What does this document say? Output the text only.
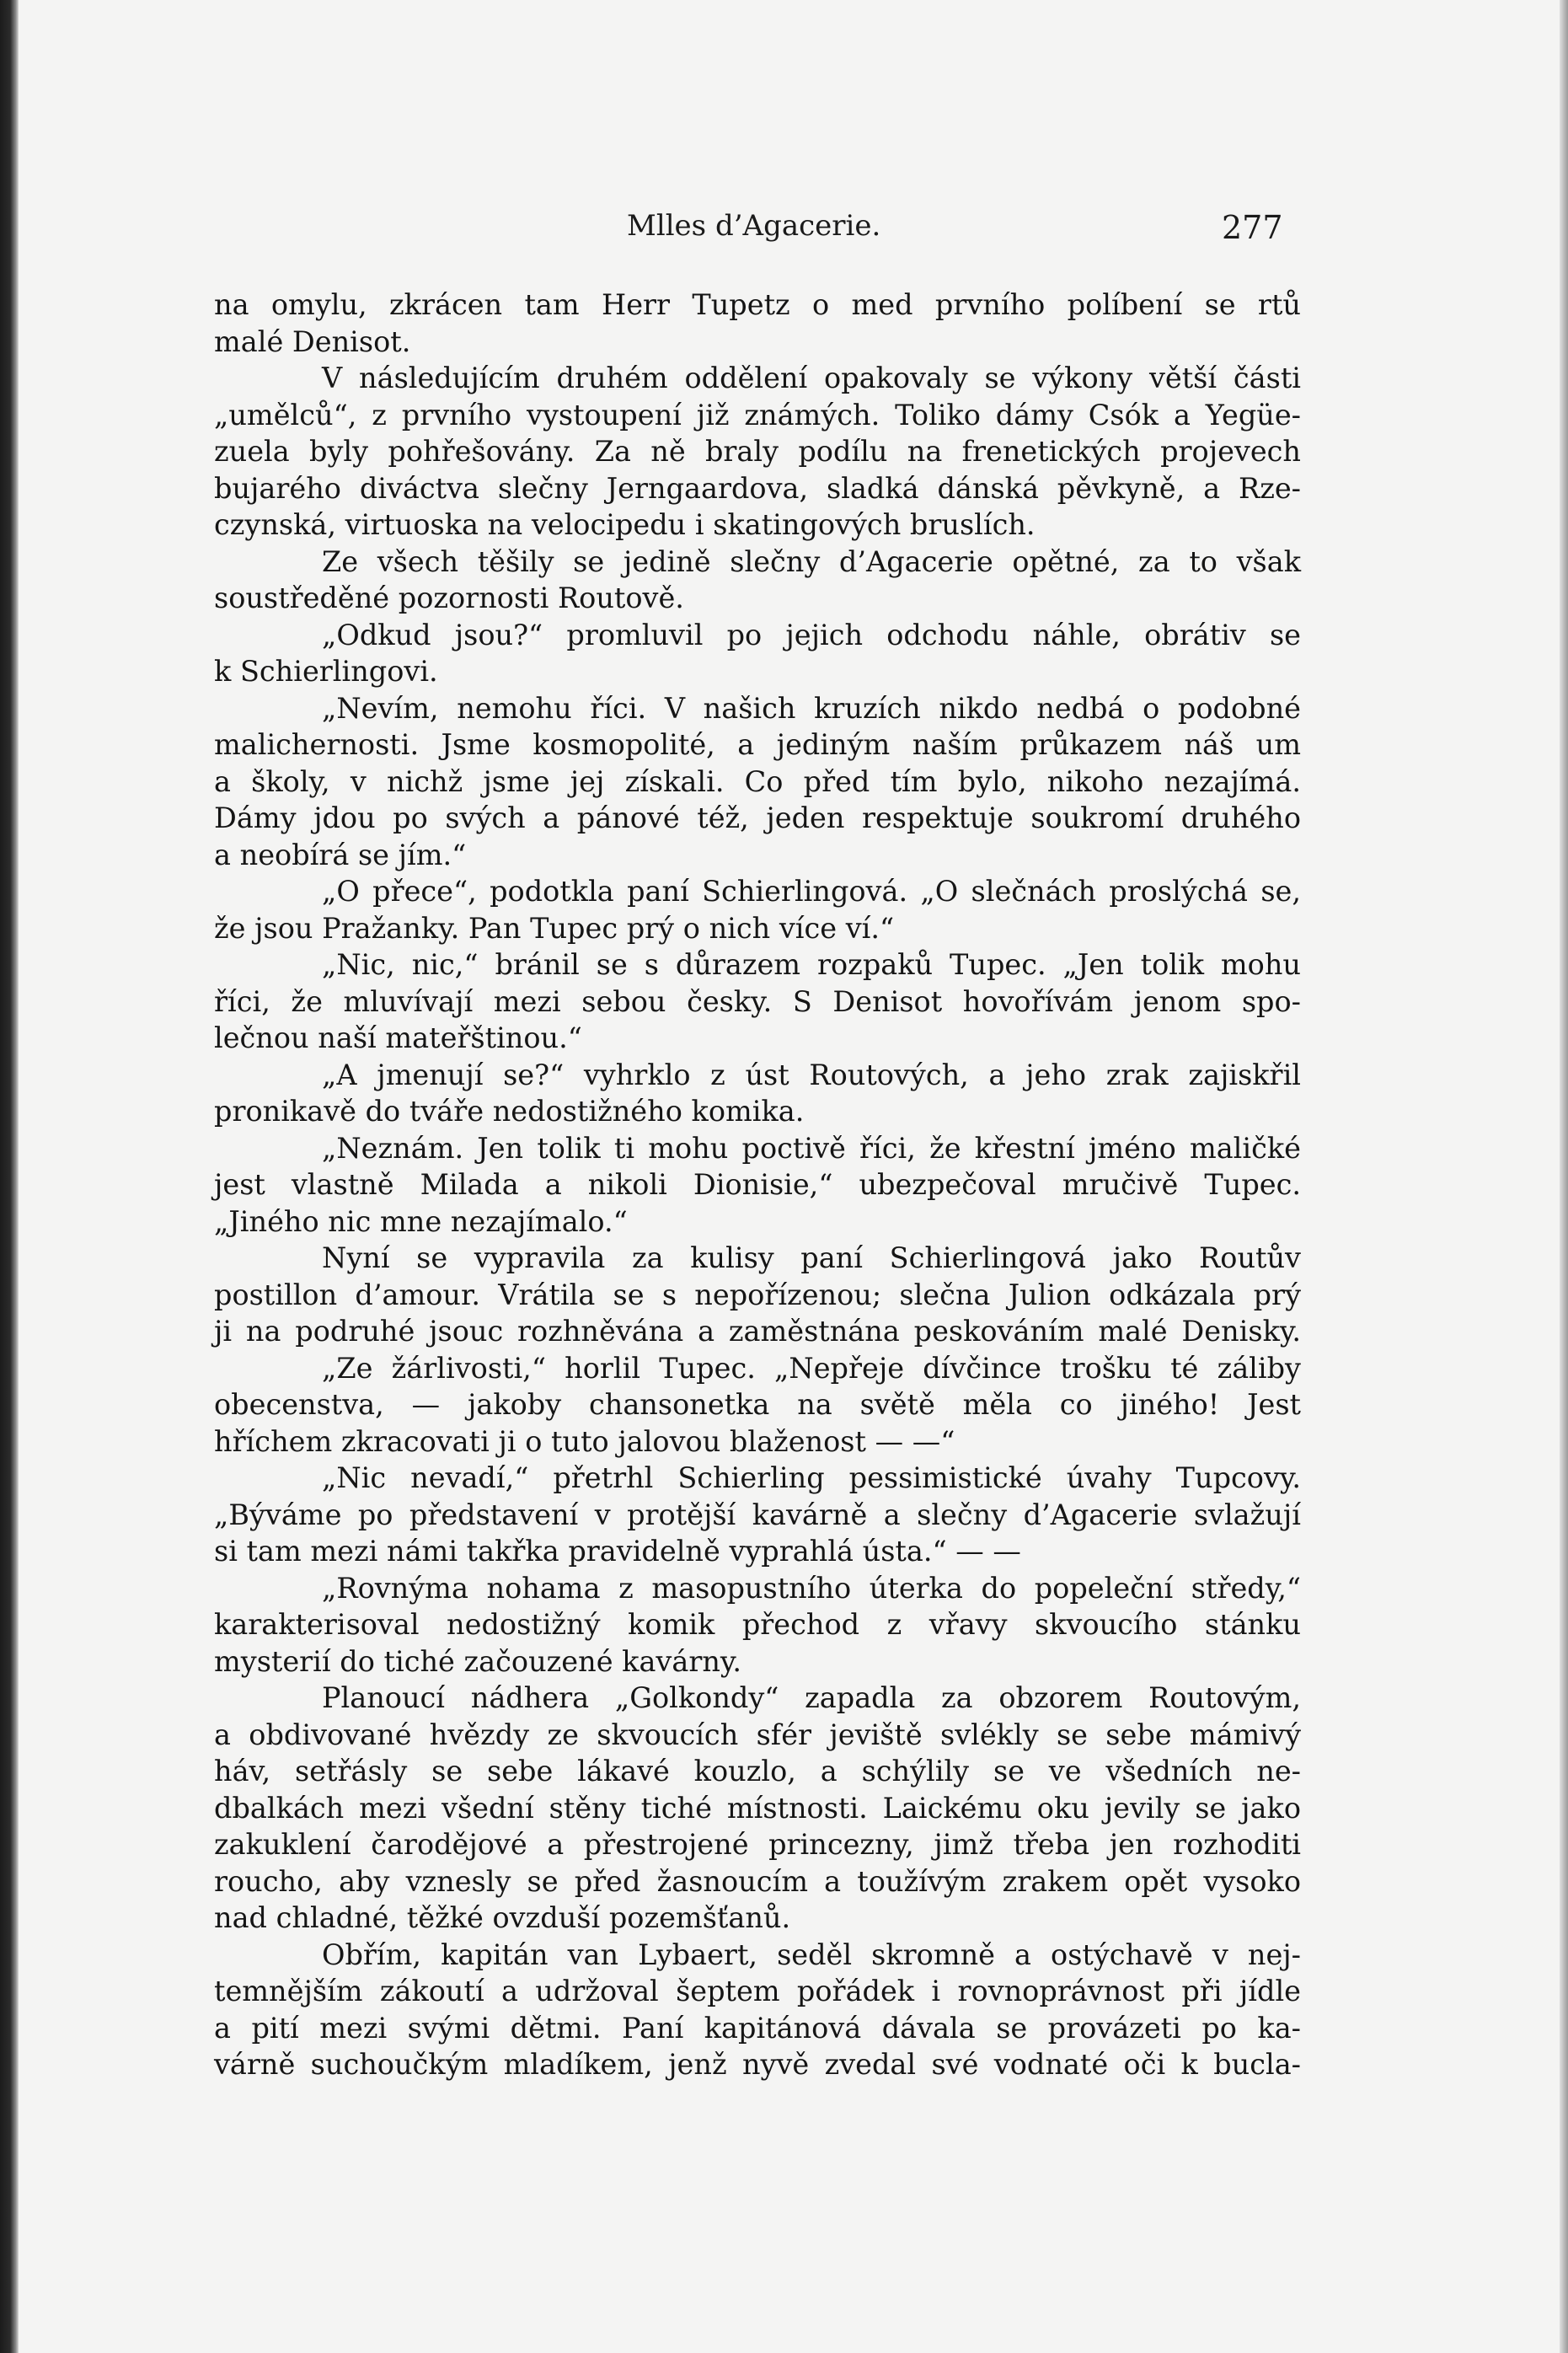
Mlles d’Agacerie.	277
na omylu, zkrácen tam Herr Tupetz o med prvního políbení se rtů
malé Denisot.
V následujícím druhém oddělení opakovaly se výkony větší části
„umělců“, z prvního vystoupení již známých. Toliko dámy Csók a Yegüe-
zuela byly pohřešovány. Za ně braly podílu na frenetických projevech
bujarého diváctva slečny Jerngaardova, sladká dánská pěvkyně, a Rze-
czynská, virtuoska na velocipedu i skatingových bruslích.
Ze všech těšily se jedině slečny d’Agacerie opětné, za to však
soustředěné pozornosti Routově.
„Odkud jsou?“ promluvil po jejich odchodu náhle, obrátiv se
k Schierlingovi.
„Nevím, nemohu říci. V našich kruzích nikdo nedbá o podobné
malichernosti. Jsme kosmopolité, a jediným naším průkazem náš um
a školy, v nichž jsme jej získali. Co před tím bylo, nikoho nezajímá.
Dámy jdou po svých a pánové též, jeden respektuje soukromí druhého
a neobírá se jím.“
„O přece“, podotkla paní Schierlingová. „O slečnách proslýchá se,
že jsou Pražanky. Pan Tupec prý o nich více ví.“
„Nic, nic,“ bránil se s důrazem rozpaků Tupec. „Jen tolik mohu
říci, že mluvívají mezi sebou česky. S Denisot hovořívám jenom spo-
lečnou naší mateřštinou.“
„A jmenují se?“ vyhrklo z úst Routových, a jeho zrak zajiskřil
pronikavě do tváře nedostižného komika.
„Neznám. Jen tolik ti mohu poctivě říci, že křestní jméno maličké
jest vlastně Milada a nikoli Dionisie,“ ubezpečoval mručivě Tupec.
„Jiného nic mne nezajímalo.“
Nyní se vypravila za kulisy paní Schierlingová jako Routův
postillon d’amour. Vrátila se s nepořízenou; slečna Julion odkázala prý
ji na podruhé jsouc rozhněvána a zaměstnána peskováním malé Denisky.
„Ze žárlivosti,“ horlil Tupec. „Nepřeje dívčince trošku té záliby
obecenstva, — jakoby chansonetka na světě měla co jiného! Jest
hříchem zkracovati ji o tuto jalovou blaženost — —“
„Nic nevadí,“ přetrhl Schierling pessimistické úvahy Tupcovy.
„Býváme po představení v protější kavárně a slečny d’Agacerie svlažují
si tam mezi námi takřka pravidelně vyprahlá ústa.“ — —
„Rovnýma nohama z masopustního úterka do popeleční středy,“
karakterisoval nedostižný komik přechod z vřavy skvoucího stánku
mysterií do tiché začouzené kavárny.
Planoucí nádhera „Golkondy“ zapadla za obzorem Routovým,
a obdivované hvězdy ze skvoucích sfér jeviště svlékly se sebe mámivý
háv, setřásly se sebe lákavé kouzlo, a schýlily se ve všedních ne-
dbalkách mezi všední stěny tiché místnosti. Laickému oku jevily se jako
zakuklení čarodějové a přestrojené princezny, jimž třeba jen rozhoditi
roucho, aby vznesly se před žasnoucím a toužívým zrakem opět vysoko
nad chladné, těžké ovzduší pozemšťanů.
Obřím, kapitán van Lybaert, seděl skromně a ostýchavě v nej-
temnějším zákoutí a udržoval šeptem pořádek i rovnoprávnost při jídle
a pití mezi svými dětmi. Paní kapitánová dávala se provázeti po ka-
várně suchoučkým mladíkem, jenž nyvě zvedal své vodnaté oči k bucla-
